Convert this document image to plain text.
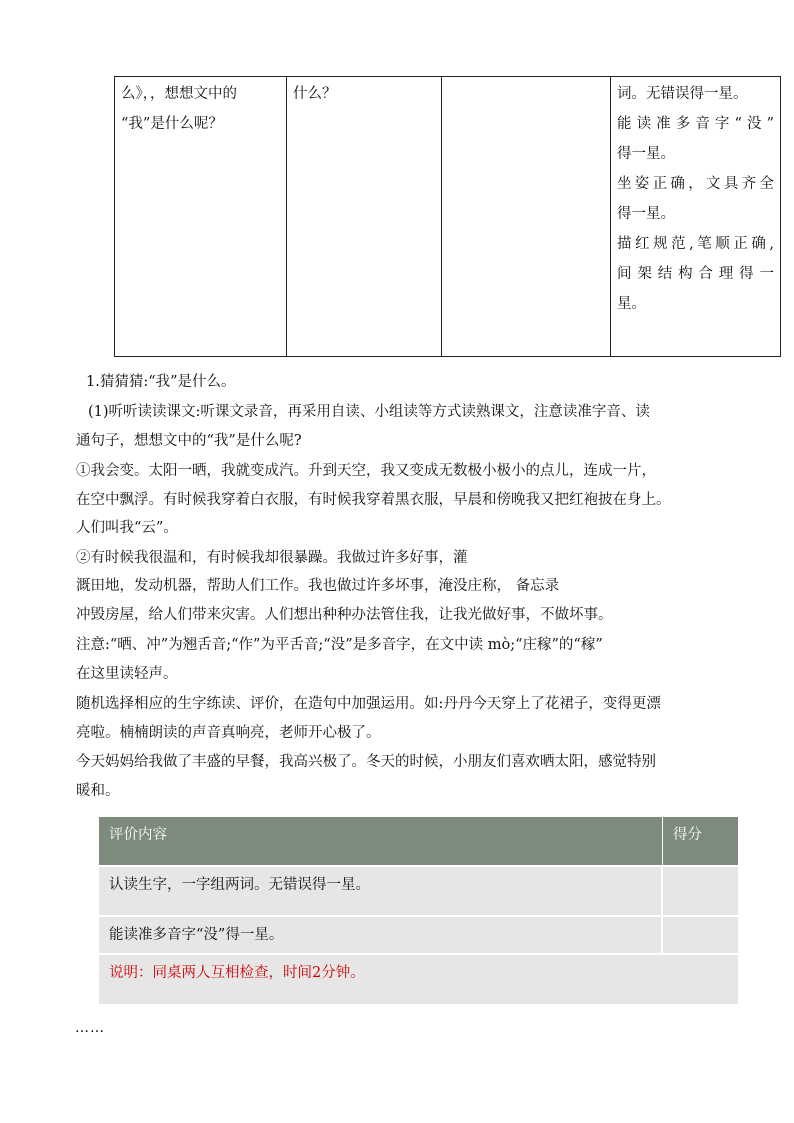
么》，，想想文中的
“我”是什么呢？

什么？		词。无错误得一星。
能读准多音字“没”
得一星。
坐姿正确，文具齐全
得一星。
描红规范,笔顺正确,
间架结构合理得一
星。
1.猜猜猜:“我”是什么。
(1)听听读读课文:听课文录音，再采用自读、小组读等方式读熟课文，注意读准字音、读
通句子，想想文中的“我”是什么呢?
①我会变。太阳一晒，我就变成汽。升到天空，我又变成无数极小极小的点儿，连成一片，
在空中飘浮。有时候我穿着白衣服，有时候我穿着黑衣服，早晨和傍晚我又把红袍披在身上。
人们叫我“云”。
②有时候我很温和，有时候我却很暴躁。我做过许多好事，灌
溉田地，发动机器，帮助人们工作。我也做过许多坏事，淹没庄称， 备忘录
冲毁房屋，给人们带来灾害。人们想出种种办法管住我，让我光做好事，不做坏事。
注意:“晒、冲”为翘舌音;“作”为平舌音;“没”是多音字，在文中读 mò;“庄稼”的“稼”
在这里读轻声。
随机选择相应的生字练读、评价，在造句中加强运用。如:丹丹今天穿上了花裙子，变得更漂
亮啦。楠楠朗读的声音真响亮，老师开心极了。
今天妈妈给我做了丰盛的早餐，我高兴极了。冬天的时候，小朋友们喜欢晒太阳，感觉特别
暖和。
评价内容	得分
认读生字，一字组两词。无错误得一星。
能读准多音字“没”得一星。
说明：同桌两人互相检查，时间2分钟。
……
